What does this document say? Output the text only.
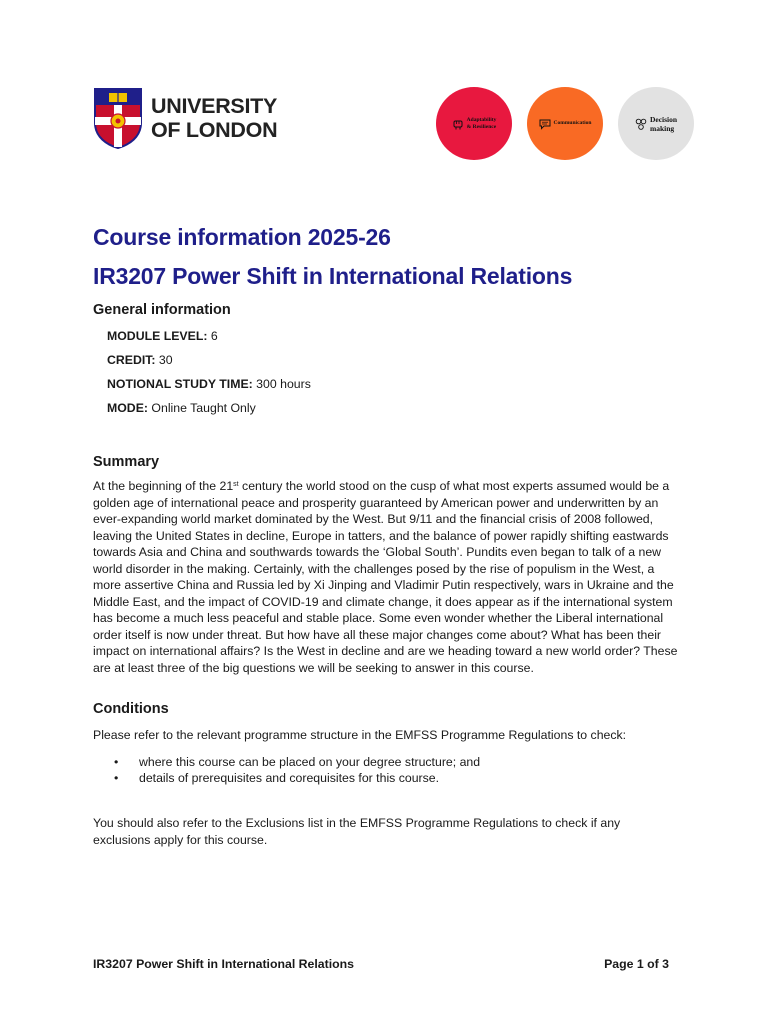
UNIVERSITY
OF LONDON	Adaptability
& Resilience
Communication	Decision
making
Course information 2025-26
IR3207 Power Shift in International Relations
General information
MODULE LEVEL: 6
CREDIT: 30
NOTIONAL STUDY TIME: 300 hours
MODE: Online Taught Only
Summary

At the beginning of the 21st century the world stood on the cusp of what most experts assumed would be a golden age of international peace and prosperity guaranteed by American power and underwritten by an ever-expanding world market dominated by the West. But 9/11 and the financial crisis of 2008 followed, leaving the United States in decline, Europe in tatters, and the balance of power rapidly shifting eastwards towards Asia and China and southwards towards the ‘Global South’. Pundits even began to talk of a new world disorder in the making. Certainly, with the challenges posed by the rise of populism in the West, a more assertive China and Russia led by Xi Jinping and Vladimir Putin respectively, wars in Ukraine and the Middle East, and the impact of COVID-19 and climate change, it does appear as if the international system has become a much less peaceful and stable place. Some even wonder whether the Liberal international order itself is now under threat. But how have all these major changes come about? What has been their impact on international affairs? Is the West in decline and are we heading toward a new world order? These are at least three of the big questions we will be seeking to answer in this course.

Conditions

Please refer to the relevant programme structure in the EMFSS Programme Regulations to check:

• where this course can be placed on your degree structure; and
• details of prerequisites and corequisites for this course.

You should also refer to the Exclusions list in the EMFSS Programme Regulations to check if any exclusions apply for this course.

IR3207 Power Shift in International Relations	Page 1 of 3
